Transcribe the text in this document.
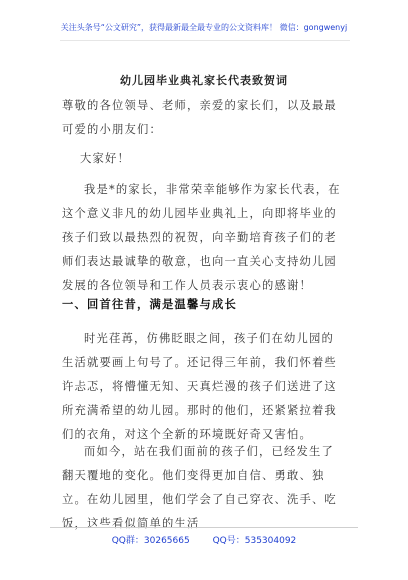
关注头条号“公文研究”，获得最新最全最专业的公文资料库！ 微信：gongwenyj
幼儿园毕业典礼家长代表致贺词
尊敬的各位领导、老师，亲爱的家长们，以及最最可爱的小朋友们：
大家好！
我是*的家长，非常荣幸能够作为家长代表，在这个意义非凡的幼儿园毕业典礼上，向即将毕业的孩子们致以最热烈的祝贺，向辛勤培育孩子们的老师们表达最诚挚的敬意，也向一直关心支持幼儿园发展的各位领导和工作人员表示衷心的感谢！
一、回首往昔，满是温馨与成长
时光荏苒，仿佛眨眼之间，孩子们在幼儿园的生活就要画上句号了。还记得三年前，我们怀着些许忐忑，将懵懂无知、天真烂漫的孩子们送进了这所充满希望的幼儿园。那时的他们，还紧紧拉着我们的衣角，对这个全新的环境既好奇又害怕。
而如今，站在我们面前的孩子们，已经发生了翻天覆地的变化。他们变得更加自信、勇敢、独立。在幼儿园里，他们学会了自己穿衣、洗手、吃饭，这些看似简单的生活
QQ群：30265665	QQ号：535304092
